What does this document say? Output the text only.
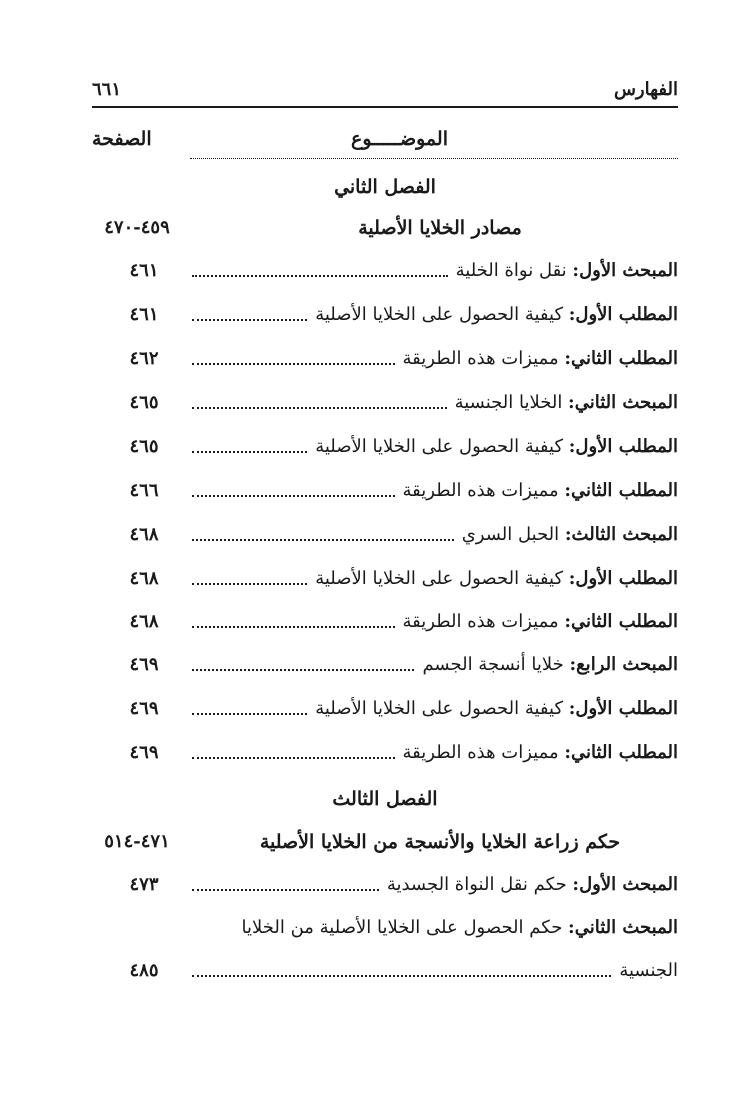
الفهارس
٦٦١
الموضـــــوع
الصفحة
الفصل الثاني
مصادر الخلايا الأصلية
٤٥٩-٤٧٠
المبحث الأول: نقل نواة الخلية
٤٦١
المطلب الأول: كيفية الحصول على الخلايا الأصلية
٤٦١
المطلب الثاني: مميزات هذه الطريقة
٤٦٢
المبحث الثاني: الخلايا الجنسية
٤٦٥
المطلب الأول: كيفية الحصول على الخلايا الأصلية
٤٦٥
المطلب الثاني: مميزات هذه الطريقة
٤٦٦
المبحث الثالث: الحبل السري
٤٦٨
المطلب الأول: كيفية الحصول على الخلايا الأصلية
٤٦٨
المطلب الثاني: مميزات هذه الطريقة
٤٦٨
المبحث الرابع: خلايا أنسجة الجسم
٤٦٩
المطلب الأول: كيفية الحصول على الخلايا الأصلية
٤٦٩
المطلب الثاني: مميزات هذه الطريقة
٤٦٩
الفصل الثالث
حكم زراعة الخلايا والأنسجة من الخلايا الأصلية
٤٧١-٥١٤
المبحث الأول: حكم نقل النواة الجسدية
٤٧٣
المبحث الثاني: حكم الحصول على الخلايا الأصلية من الخلايا
الجنسية
٤٨٥
